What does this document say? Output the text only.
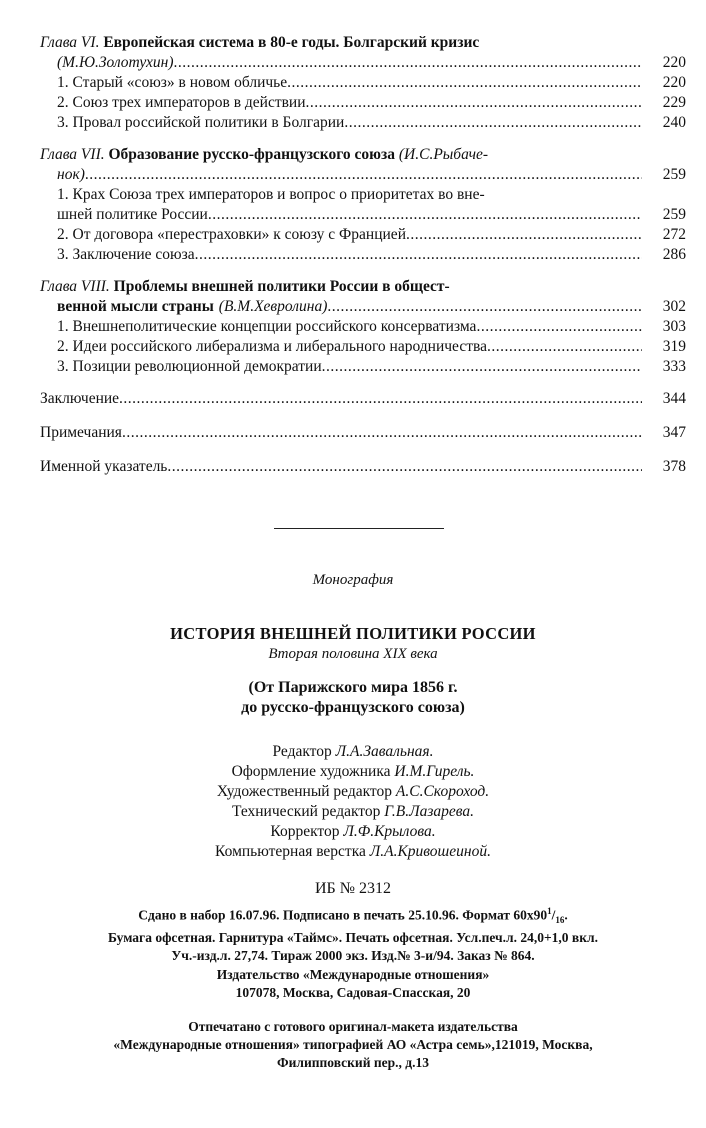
Глава VI. Европейская система в 80-е годы. Болгарский кризис
(М.Ю.Золотухин) .....	220
1. Старый «союз» в новом обличье .....	220
2. Союз трех императоров в действии .....	229
3. Провал российской политики в Болгарии .....	240
Глава VII. Образование русско-французского союза (И.С.Рыбаче-
нок) .....	259
1. Крах Союза трех императоров и вопрос о приоритетах во вне-
шней политике России .....	259
2. От договора «перестраховки» к союзу с Францией .....	272
3. Заключение союза .....	286
Глава VIII. Проблемы внешней политики России в общест-
венной мысли страны (В.М.Хевролина) .....	302
1. Внешнеполитические концепции российского консерватизма .....	303
2. Идеи российского либерализма и либерального народничества .....	319
3. Позиции революционной демократии .....	333
Заключение .....	344
Примечания .....	347
Именной указатель .....	378
Монография
ИСТОРИЯ ВНЕШНЕЙ ПОЛИТИКИ РОССИИ
Вторая половина XIX века
(От Парижского мира 1856 г.
до русско-французского союза)
Редактор Л.А.Завальная.
Оформление художника И.М.Гирель.
Художественный редактор А.С.Скороход.
Технический редактор Г.В.Лазарева.
Корректор Л.Ф.Крылова.
Компьютерная верстка Л.А.Кривошеиной.
ИБ № 2312
Сдано в набор 16.07.96. Подписано в печать 25.10.96. Формат $60х90^1/_{16}$.
Бумага офсетная. Гарнитура «Таймс». Печать офсетная. Усл.печ.л. 24,0+1,0 вкл.
Уч.-изд.л. 27,74. Тираж 2000 экз. Изд.№ 3-и/94. Заказ № 864.
Издательство «Международные отношения»
107078, Москва, Садовая-Спасская, 20
Отпечатано с готового оригинал-макета издательства
«Международные отношения» типографией АО «Астра семь»,121019, Москва,
Филипповский пер., д.13
